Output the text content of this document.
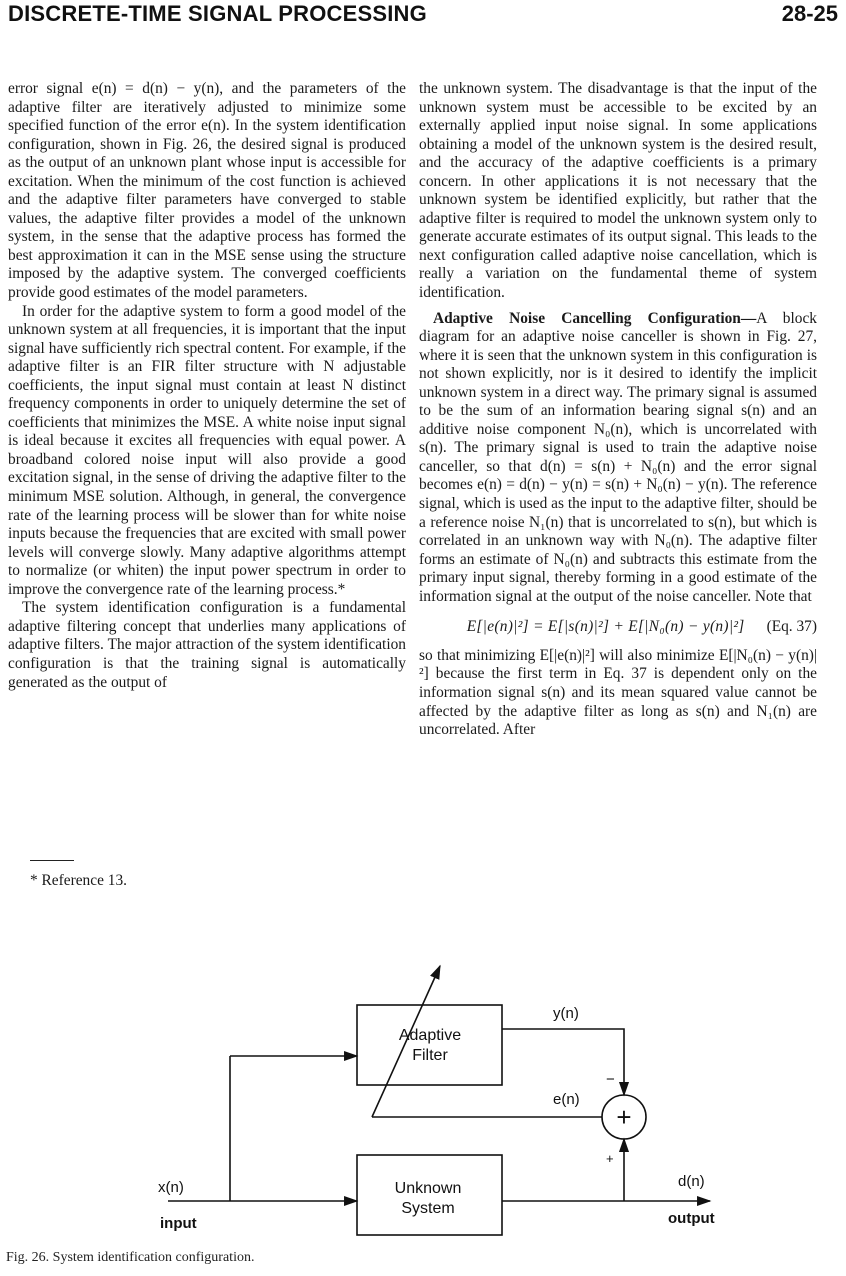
DISCRETE-TIME SIGNAL PROCESSING	28-25

error signal e(n) = d(n) − y(n), and the parameters of the adaptive filter are iteratively adjusted to minimize some specified function of the error e(n). In the system identification configuration, shown in Fig. 26, the desired signal is produced as the output of an unknown plant whose input is accessible for excitation. When the minimum of the cost function is achieved and the adaptive filter parameters have converged to stable values, the adaptive filter provides a model of the unknown system, in the sense that the adaptive process has formed the best approximation it can in the MSE sense using the structure imposed by the adaptive system. The converged coefficients provide good estimates of the model parameters.

In order for the adaptive system to form a good model of the unknown system at all frequencies, it is important that the input signal have sufficiently rich spectral content. For example, if the adaptive filter is an FIR filter structure with N adjustable coefficients, the input signal must contain at least N distinct frequency components in order to uniquely determine the set of coefficients that minimizes the MSE. A white noise input signal is ideal because it excites all frequencies with equal power. A broadband colored noise input will also provide a good excitation signal, in the sense of driving the adaptive filter to the minimum MSE solution. Although, in general, the convergence rate of the learning process will be slower than for white noise inputs because the frequencies that are excited with small power levels will converge slowly. Many adaptive algorithms attempt to normalize (or whiten) the input power spectrum in order to improve the convergence rate of the learning process.*

The system identification configuration is a fundamental adaptive filtering concept that underlies many applications of adaptive filters. The major attraction of the system identification configuration is that the training signal is automatically generated as the output of

* Reference 13.

the unknown system. The disadvantage is that the input of the unknown system must be accessible to be excited by an externally applied input noise signal. In some applications obtaining a model of the unknown system is the desired result, and the accuracy of the adaptive coefficients is a primary concern. In other applications it is not necessary that the unknown system be identified explicitly, but rather that the adaptive filter is required to model the unknown system only to generate accurate estimates of its output signal. This leads to the next configuration called adaptive noise cancellation, which is really a variation on the fundamental theme of system identification.

Adaptive Noise Cancelling Configuration—A block diagram for an adaptive noise canceller is shown in Fig. 27, where it is seen that the unknown system in this configuration is not shown explicitly, nor is it desired to identify the implicit unknown system in a direct way. The primary signal is assumed to be the sum of an information bearing signal s(n) and an additive noise component N₀(n), which is uncorrelated with s(n). The primary signal is used to train the adaptive noise canceller, so that d(n) = s(n) + N₀(n) and the error signal becomes e(n) = d(n) − y(n) = s(n) + N₀(n) − y(n). The reference signal, which is used as the input to the adaptive filter, should be a reference noise N₁(n) that is uncorrelated to s(n), but which is correlated in an unknown way with N₀(n). The adaptive filter forms an estimate of N₀(n) and subtracts this estimate from the primary input signal, thereby forming in a good estimate of the information signal at the output of the noise canceller. Note that

E[|e(n)|²] = E[|s(n)|²] + E[|N₀(n) − y(n)|²] (Eq. 37)

so that minimizing E[|e(n)|²] will also minimize E[|N₀(n) − y(n)|²] because the first term in Eq. 37 is dependent only on the information signal s(n) and its mean squared value cannot be affected by the adaptive filter as long as s(n) and N₁(n) are uncorrelated. After

Adaptive
Filter
Unknown
System
y(n)
e(n)
x(n)	d(n)
input	output
−
+
+
Fig. 26. System identification configuration.
